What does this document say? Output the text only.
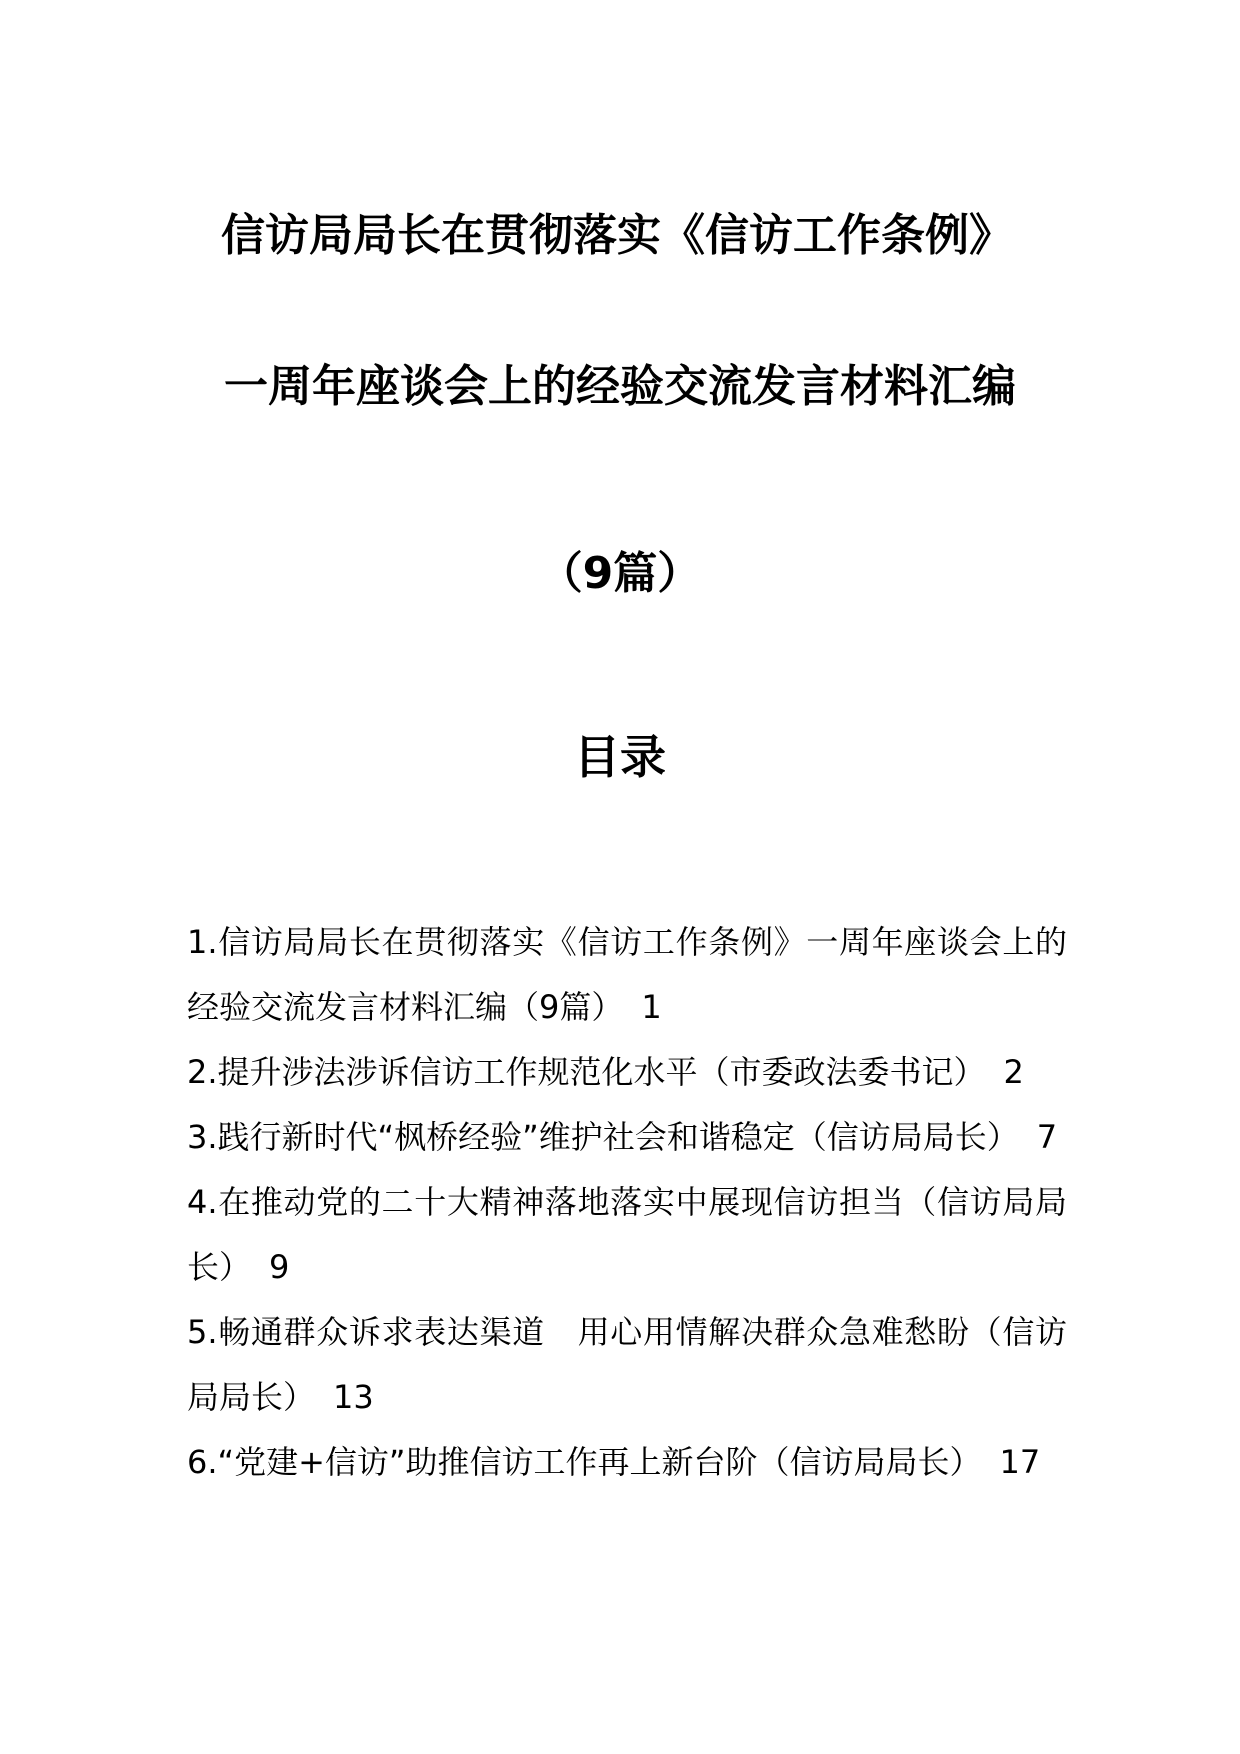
信访局局长在贯彻落实《信访工作条例》
一周年座谈会上的经验交流发言材料汇编
（9篇）
目录
1.信访局局长在贯彻落实《信访工作条例》一周年座谈会上的经验交流发言材料汇编（9篇） 1
2.提升涉法涉诉信访工作规范化水平（市委政法委书记） 2
3.践行新时代“枫桥经验”维护社会和谐稳定（信访局局长） 7
4.在推动党的二十大精神落地落实中展现信访担当（信访局局长） 9
5.畅通群众诉求表达渠道　用心用情解决群众急难愁盼（信访局局长） 13
6.“党建+信访”助推信访工作再上新台阶（信访局局长） 17
